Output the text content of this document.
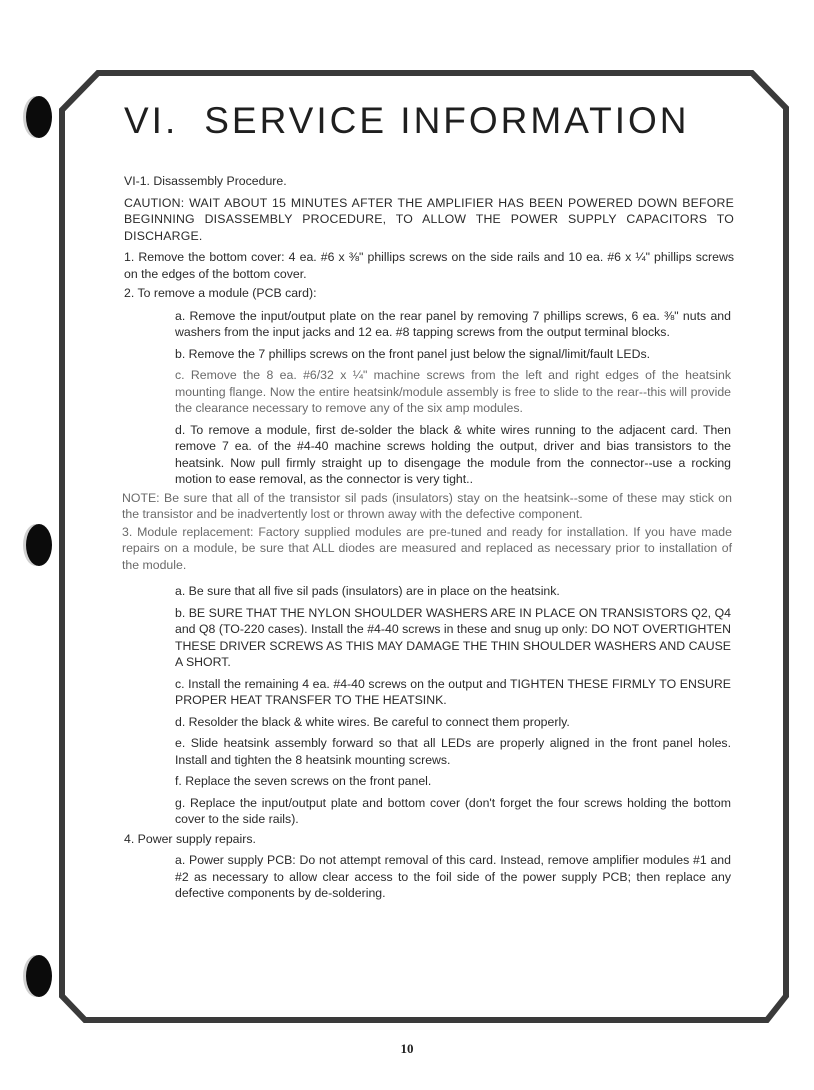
VI. SERVICE INFORMATION

VI-1. Disassembly Procedure.

CAUTION: WAIT ABOUT 15 MINUTES AFTER THE AMPLIFIER HAS BEEN POWERED DOWN BEFORE BEGINNING DISASSEMBLY PROCEDURE, TO ALLOW THE POWER SUPPLY CAPACITORS TO DISCHARGE.

1. Remove the bottom cover: 4 ea. #6 x ⅜" phillips screws on the side rails and 10 ea. #6 x ¼" phillips screws on the edges of the bottom cover.

2. To remove a module (PCB card):

a. Remove the input/output plate on the rear panel by removing 7 phillips screws, 6 ea. ⅜" nuts and washers from the input jacks and 12 ea. #8 tapping screws from the output terminal blocks.

b. Remove the 7 phillips screws on the front panel just below the signal/limit/fault LEDs.

c. Remove the 8 ea. #6/32 x ¼" machine screws from the left and right edges of the heatsink mounting flange. Now the entire heatsink/module assembly is free to slide to the rear--this will provide the clearance necessary to remove any of the six amp modules.

d. To remove a module, first de-solder the black & white wires running to the adjacent card. Then remove 7 ea. of the #4-40 machine screws holding the output, driver and bias transistors to the heatsink. Now pull firmly straight up to disengage the module from the connector--use a rocking motion to ease removal, as the connector is very tight..

NOTE: Be sure that all of the transistor sil pads (insulators) stay on the heatsink--some of these may stick on the transistor and be inadvertently lost or thrown away with the defective component.

3. Module replacement: Factory supplied modules are pre-tuned and ready for installation. If you have made repairs on a module, be sure that ALL diodes are measured and replaced as necessary prior to installation of the module.

a. Be sure that all five sil pads (insulators) are in place on the heatsink.

b. BE SURE THAT THE NYLON SHOULDER WASHERS ARE IN PLACE ON TRANSISTORS Q2, Q4 and Q8 (TO-220 cases). Install the #4-40 screws in these and snug up only: DO NOT OVERTIGHTEN THESE DRIVER SCREWS AS THIS MAY DAMAGE THE THIN SHOULDER WASHERS AND CAUSE A SHORT.

c. Install the remaining 4 ea. #4-40 screws on the output and TIGHTEN THESE FIRMLY TO ENSURE PROPER HEAT TRANSFER TO THE HEATSINK.

d. Resolder the black & white wires. Be careful to connect them properly.

e. Slide heatsink assembly forward so that all LEDs are properly aligned in the front panel holes. Install and tighten the 8 heatsink mounting screws.

f. Replace the seven screws on the front panel.

g. Replace the input/output plate and bottom cover (don't forget the four screws holding the bottom cover to the side rails).

4. Power supply repairs.

a. Power supply PCB: Do not attempt removal of this card. Instead, remove amplifier modules #1 and #2 as necessary to allow clear access to the foil side of the power supply PCB; then replace any defective components by de-soldering.

10
